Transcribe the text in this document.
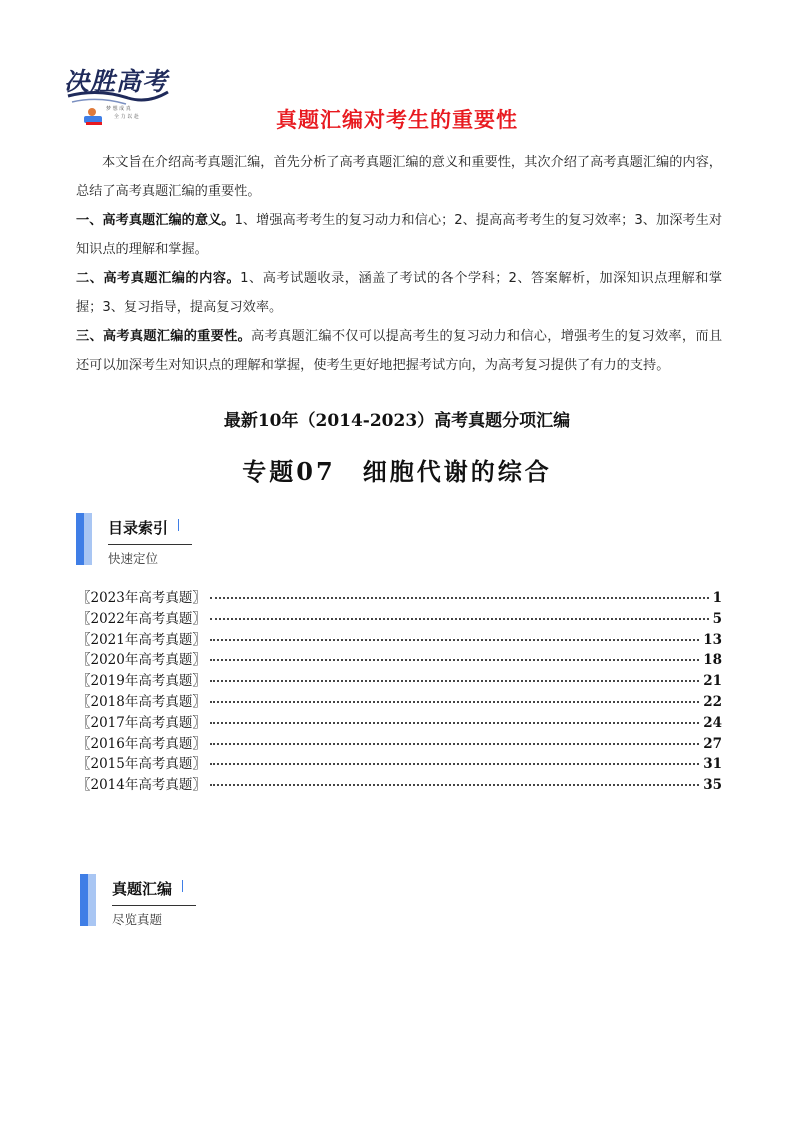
梦 想 成 真
全 力 以 赴
决胜高考
真题汇编对考生的重要性

本文旨在介绍高考真题汇编，首先分析了高考真题汇编的意义和重要性，其次介绍了高考真题汇编的内容，总结了高考真题汇编的重要性。

一、高考真题汇编的意义。1、增强高考考生的复习动力和信心；2、提高高考考生的复习效率；3、加深考生对知识点的理解和掌握。

二、高考真题汇编的内容。1、高考试题收录，涵盖了考试的各个学科；2、答案解析，加深知识点理解和掌握；3、复习指导，提高复习效率。

三、高考真题汇编的重要性。高考真题汇编不仅可以提高考生的复习动力和信心，增强考生的复习效率，而且还可以加深考生对知识点的理解和掌握，使考生更好地把握考试方向，为高考复习提供了有力的支持。

最新10年（2014-2023）高考真题分项汇编
专题07　细胞代谢的综合
目录索引
快速定位
〖2023年高考真题〗	1
〖2022年高考真题〗	5
〖2021年高考真题〗	13
〖2020年高考真题〗	18
〖2019年高考真题〗	21
〖2018年高考真题〗	22
〖2017年高考真题〗	24
〖2016年高考真题〗	27
〖2015年高考真题〗	31
〖2014年高考真题〗	35
真题汇编
尽览真题
